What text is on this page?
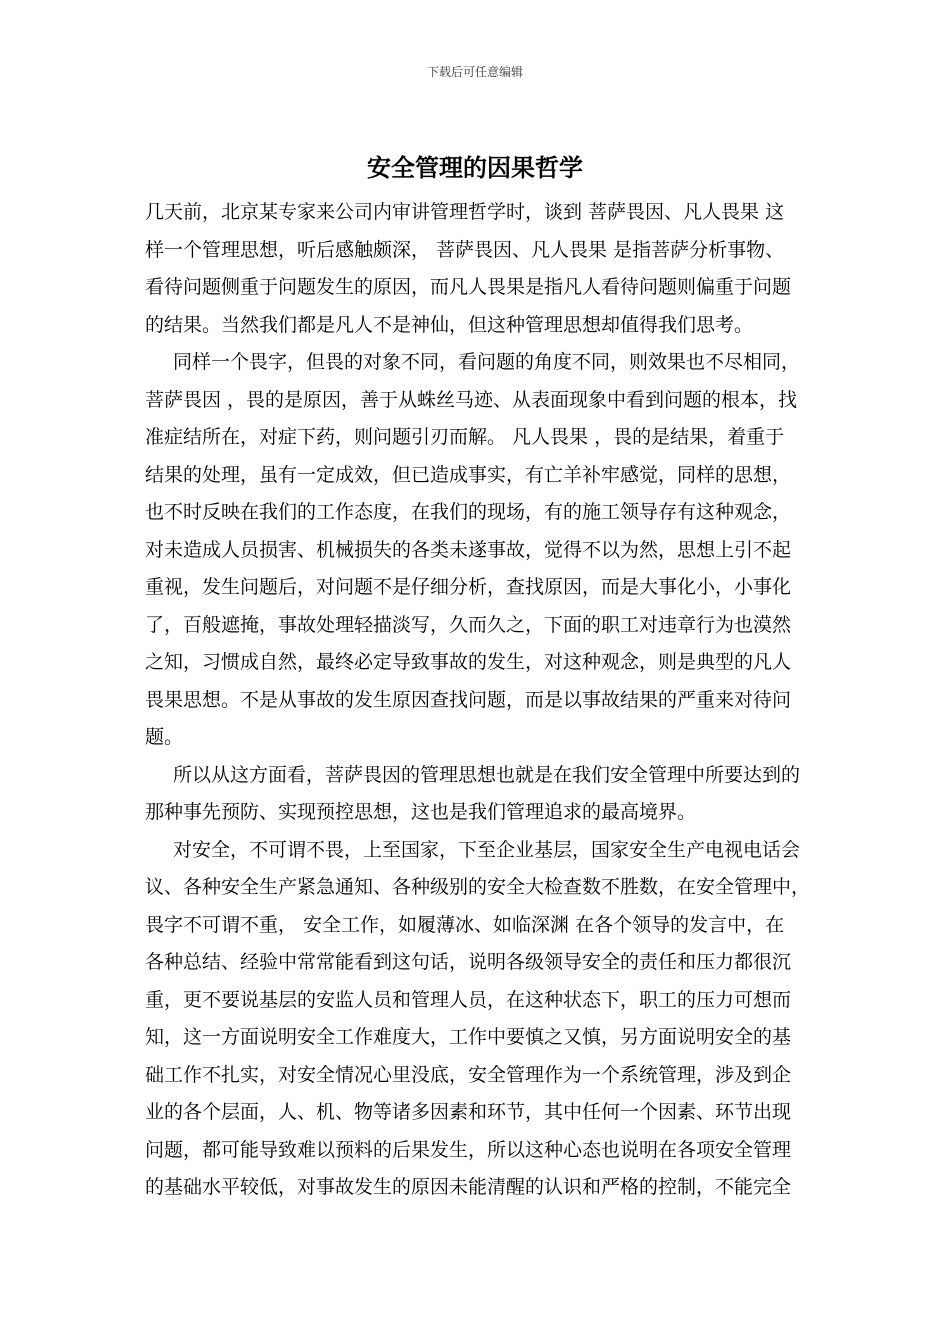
下载后可任意编辑
安全管理的因果哲学
几天前，北京某专家来公司内审讲管理哲学时，谈到 菩萨畏因、凡人畏果 这
样一个管理思想，听后感触颇深， 菩萨畏因、凡人畏果 是指菩萨分析事物、
看待问题侧重于问题发生的原因，而凡人畏果是指凡人看待问题则偏重于问题
的结果。当然我们都是凡人不是神仙，但这种管理思想却值得我们思考。
同样一个畏字，但畏的对象不同，看问题的角度不同，则效果也不尽相同，
菩萨畏因 ，畏的是原因，善于从蛛丝马迹、从表面现象中看到问题的根本，找
准症结所在，对症下药，则问题引刃而解。 凡人畏果 ，畏的是结果，着重于
结果的处理，虽有一定成效，但已造成事实，有亡羊补牢感觉，同样的思想，
也不时反映在我们的工作态度，在我们的现场，有的施工领导存有这种观念，
对未造成人员损害、机械损失的各类未遂事故，觉得不以为然，思想上引不起
重视，发生问题后，对问题不是仔细分析，查找原因，而是大事化小，小事化
了，百般遮掩，事故处理轻描淡写，久而久之，下面的职工对违章行为也漠然
之知，习惯成自然，最终必定导致事故的发生，对这种观念，则是典型的凡人
畏果思想。不是从事故的发生原因查找问题，而是以事故结果的严重来对待问
题。
所以从这方面看，菩萨畏因的管理思想也就是在我们安全管理中所要达到的
那种事先预防、实现预控思想，这也是我们管理追求的最高境界。
对安全，不可谓不畏，上至国家，下至企业基层，国家安全生产电视电话会
议、各种安全生产紧急通知、各种级别的安全大检查数不胜数，在安全管理中，
畏字不可谓不重， 安全工作，如履薄冰、如临深渊 在各个领导的发言中，在
各种总结、经验中常常能看到这句话，说明各级领导安全的责任和压力都很沉
重，更不要说基层的安监人员和管理人员，在这种状态下，职工的压力可想而
知，这一方面说明安全工作难度大，工作中要慎之又慎，另方面说明安全的基
础工作不扎实，对安全情况心里没底，安全管理作为一个系统管理，涉及到企
业的各个层面，人、机、物等诸多因素和环节，其中任何一个因素、环节出现
问题，都可能导致难以预料的后果发生，所以这种心态也说明在各项安全管理
的基础水平较低，对事故发生的原因未能清醒的认识和严格的控制，不能完全
